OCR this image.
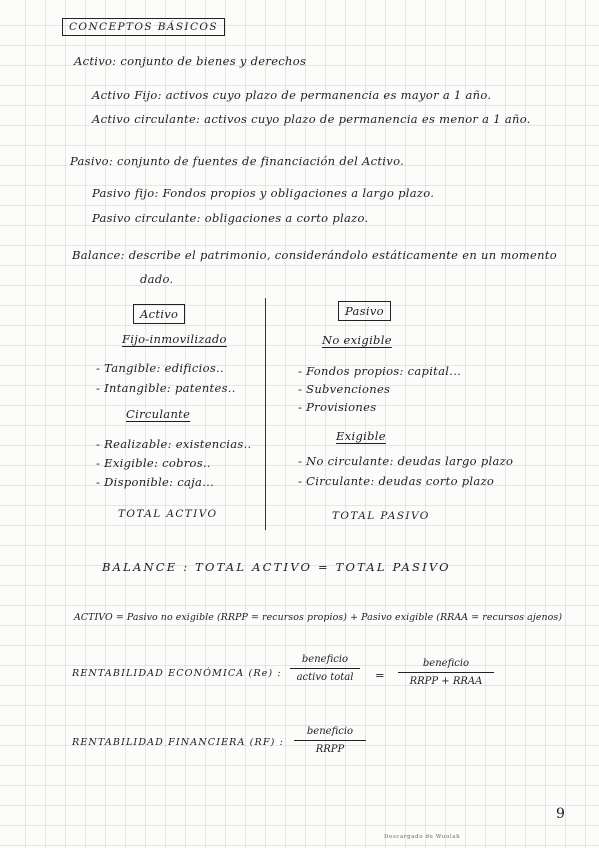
CONCEPTOS BÁSICOS
Activo: conjunto de bienes y derechos
Activo Fijo: activos cuyo plazo de permanencia es mayor a 1 año.
Activo circulante: activos cuyo plazo de permanencia es menor a 1 año.
Pasivo: conjunto de fuentes de financiación del Activo.
Pasivo fijo: Fondos propios y obligaciones a largo plazo.
Pasivo circulante: obligaciones a corto plazo.
Balance: describe el patrimonio, considerándolo estáticamente en un momento
dado.
Activo
Fijo-inmovilizado
- Tangible: edificios..
- Intangible: patentes..
Circulante
- Realizable: existencias..
- Exigible: cobros..
- Disponible: caja...
TOTAL ACTIVO
Pasivo
No exigible
- Fondos propios: capital...
- Subvenciones
- Provisiones
Exigible
- No circulante: deudas largo plazo
- Circulante: deudas corto plazo
TOTAL PASIVO
BALANCE : TOTAL ACTIVO = TOTAL PASIVO
ACTIVO = Pasivo no exigible (RRPP = recursos propios) + Pasivo exigible (RRAA = recursos ajenos)
RENTABILIDAD ECONÓMICA (Re) :
beneficio
activo total	=
beneficio
RRPP + RRAA
RENTABILIDAD FINANCIERA (RF) :
beneficio
RRPP
9
Descargado de Wuolah
